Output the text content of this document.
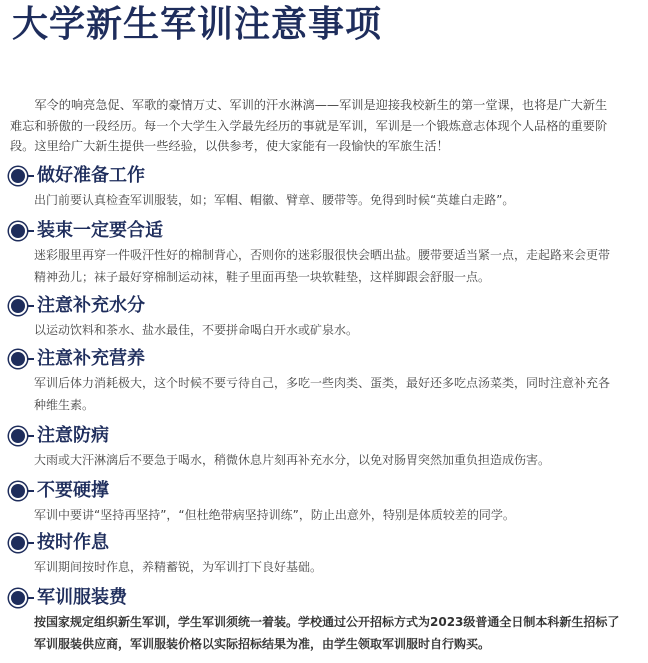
大学新生军训注意事项

军令的响亮急促、军歌的豪情万丈、军训的汗水淋漓——军训是迎接我校新生的第一堂课，也将是广大新生难忘和骄傲的一段经历。每一个大学生入学最先经历的事就是军训，军训是一个锻炼意志体现个人品格的重要阶段。这里给广大新生提供一些经验，以供参考，使大家能有一段愉快的军旅生活！

做好准备工作

出门前要认真检查军训服装，如；军帽、帽徽、臂章、腰带等。免得到时候“英雄白走路”。

装束一定要合适

迷彩服里再穿一件吸汗性好的棉制背心，否则你的迷彩服很快会晒出盐。腰带要适当紧一点，走起路来会更带精神劲儿；袜子最好穿棉制运动袜，鞋子里面再垫一块软鞋垫，这样脚跟会舒服一点。

注意补充水分

以运动饮料和茶水、盐水最佳，不要拼命喝白开水或矿泉水。

注意补充营养

军训后体力消耗极大，这个时候不要亏待自己，多吃一些肉类、蛋类，最好还多吃点汤菜类，同时注意补充各种维生素。

注意防病

大雨或大汗淋漓后不要急于喝水，稍微休息片刻再补充水分，以免对肠胃突然加重负担造成伤害。

不要硬撑

军训中要讲“坚持再坚持”，“但杜绝带病坚持训练”，防止出意外，特别是体质较差的同学。

按时作息

军训期间按时作息，养精蓄锐，为军训打下良好基础。

军训服装费

按国家规定组织新生军训，学生军训须统一着装。学校通过公开招标方式为2023级普通全日制本科新生招标了军训服装供应商，军训服装价格以实际招标结果为准，由学生领取军训服时自行购买。
